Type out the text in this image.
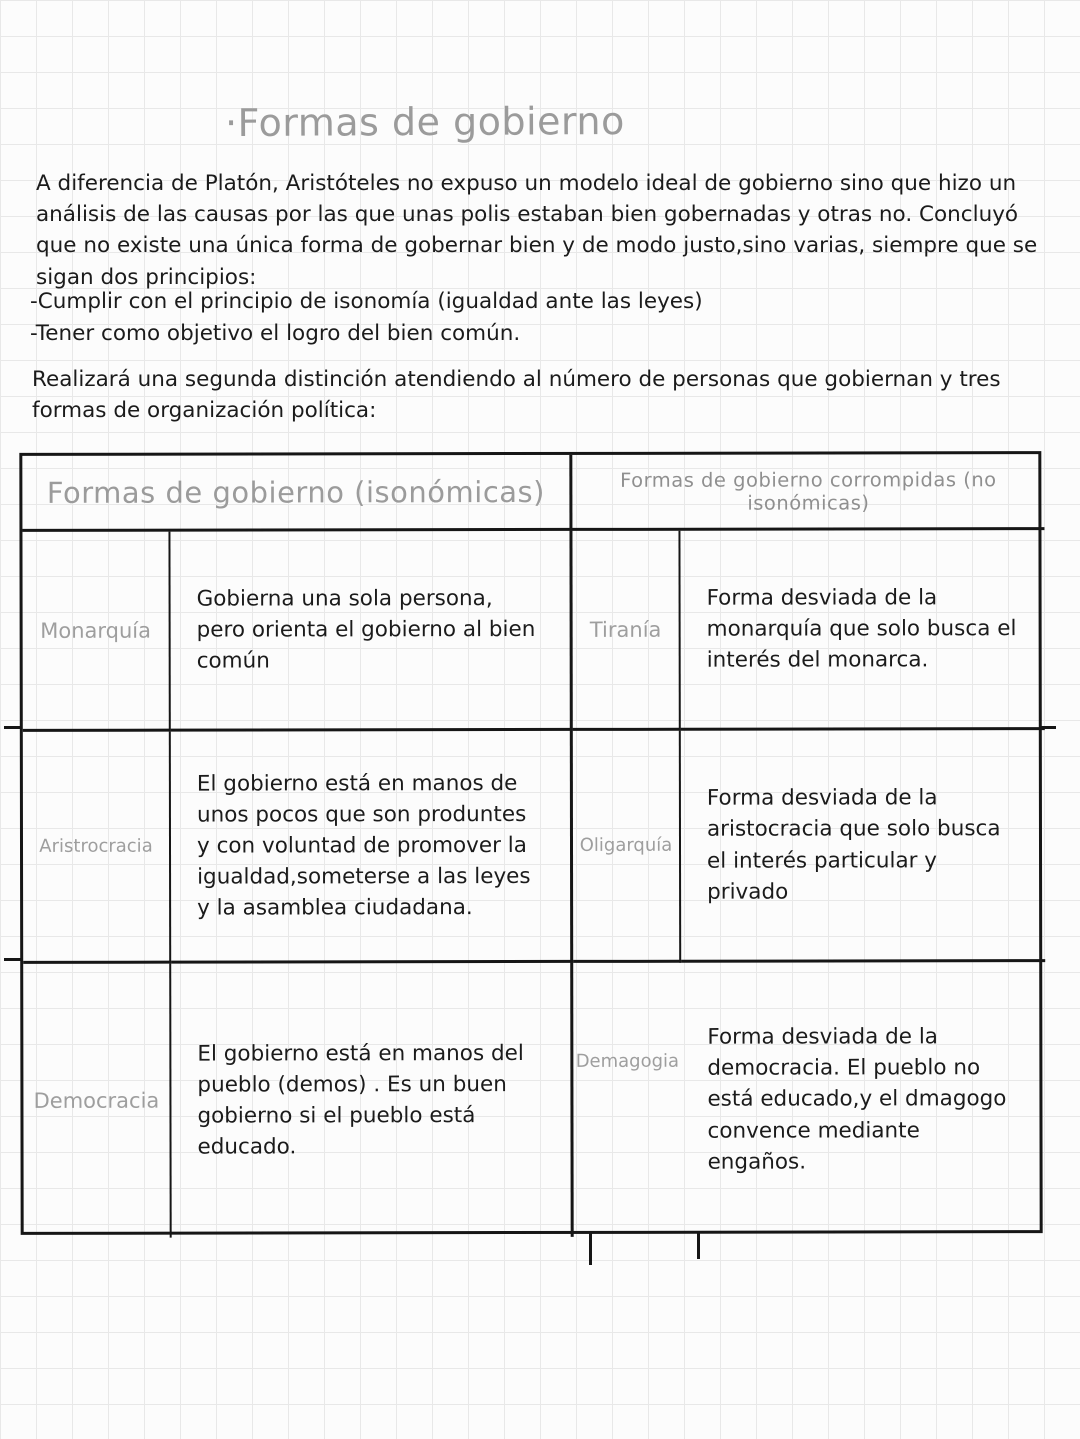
·Formas de gobierno

A diferencia de Platón, Aristóteles no expuso un modelo ideal de gobierno sino que hizo un análisis de las causas por las que unas polis estaban bien gobernadas y otras no. Concluyó que no existe una única forma de gobernar bien y de modo justo,sino varias, siempre que se sigan dos principios:

-Cumplir con el principio de isonomía (igualdad ante las leyes)
-Tener como objetivo el logro del bien común.

Realizará una segunda distinción atendiendo al número de personas que gobiernan y tres formas de organización política:

Formas de gobierno (isonómicas)	Formas de gobierno corrompidas (no isonómicas)
Monarquía
Gobierna una sola persona, pero orienta el gobierno al bien común
Tiranía
Forma desviada de la monarquía que solo busca el interés del monarca.
Aristrocracia
El gobierno está en manos de unos pocos que son produntes y con voluntad de promover la igualdad,someterse a las leyes y la asamblea ciudadana.
Oligarquía
Forma desviada de la aristocracia que solo busca el interés particular y privado
Democracia
El gobierno está en manos del pueblo (demos) . Es un buen gobierno si el pueblo está educado.
Demagogia
Forma desviada de la democracia. El pueblo no está educado,y el dmagogo convence mediante engaños.
